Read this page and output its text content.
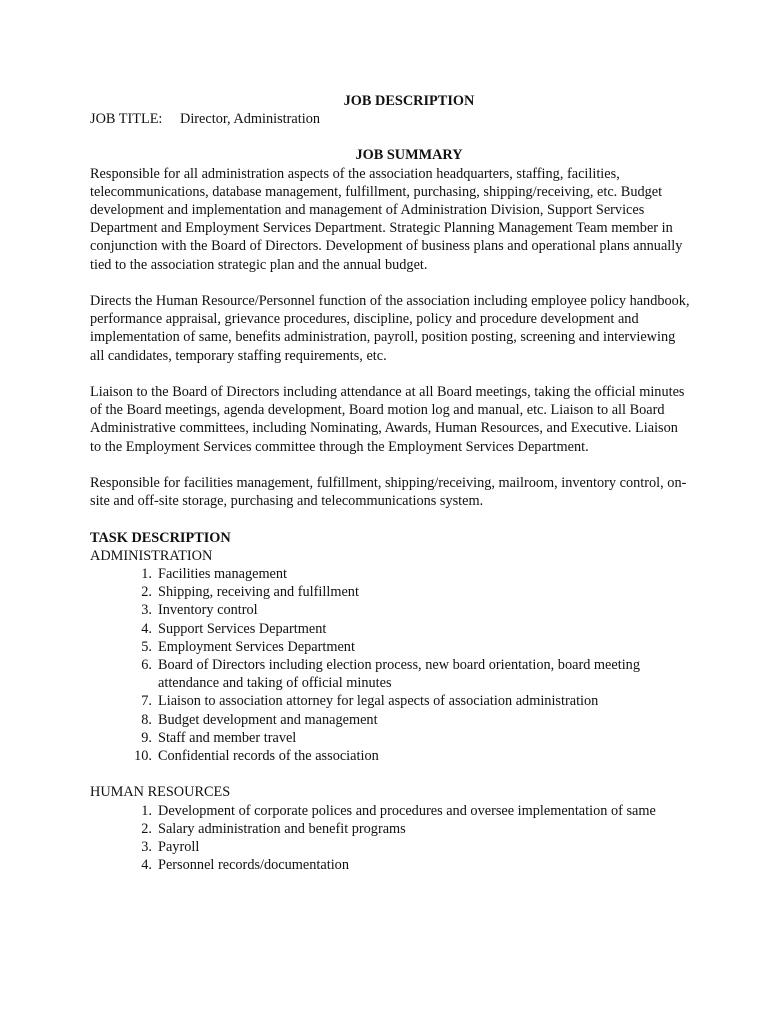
JOB DESCRIPTION

JOB TITLE: Director, Administration

JOB SUMMARY

Responsible for all administration aspects of the association headquarters, staffing, facilities, telecommunications, database management, fulfillment, purchasing, shipping/receiving, etc. Budget development and implementation and management of Administration Division, Support Services Department and Employment Services Department. Strategic Planning Management Team member in conjunction with the Board of Directors. Development of business plans and operational plans annually tied to the association strategic plan and the annual budget.

Directs the Human Resource/Personnel function of the association including employee policy handbook, performance appraisal, grievance procedures, discipline, policy and procedure development and implementation of same, benefits administration, payroll, position posting, screening and interviewing all candidates, temporary staffing requirements, etc.

Liaison to the Board of Directors including attendance at all Board meetings, taking the official minutes of the Board meetings, agenda development, Board motion log and manual, etc. Liaison to all Board Administrative committees, including Nominating, Awards, Human Resources, and Executive. Liaison to the Employment Services committee through the Employment Services Department.

Responsible for facilities management, fulfillment, shipping/receiving, mailroom, inventory control, on-site and off-site storage, purchasing and telecommunications system.

TASK DESCRIPTION

ADMINISTRATION

1. Facilities management
2. Shipping, receiving and fulfillment
3. Inventory control
4. Support Services Department
5. Employment Services Department
6. Board of Directors including election process, new board orientation, board meeting attendance and taking of official minutes
7. Liaison to association attorney for legal aspects of association administration
8. Budget development and management
9. Staff and member travel
10. Confidential records of the association

HUMAN RESOURCES

1. Development of corporate polices and procedures and oversee implementation of same
2. Salary administration and benefit programs
3. Payroll
4. Personnel records/documentation
